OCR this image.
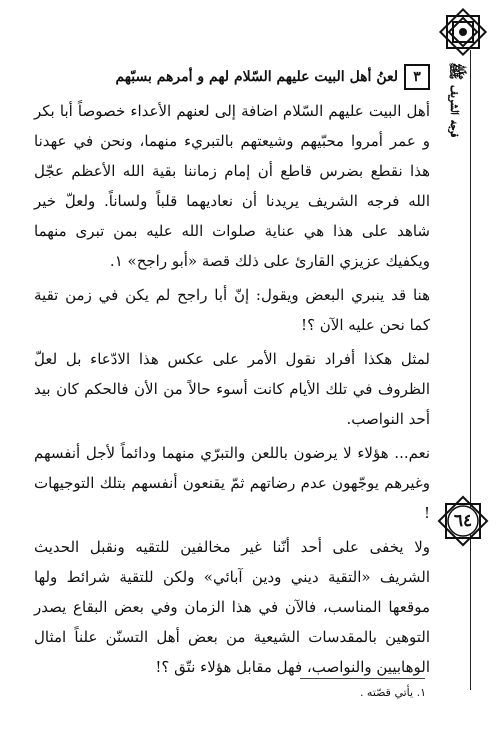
فرجه الشريف ﷺ
٦٤
٣
لعنُ أهل البيت عليهم السّلام لهم و أمرهم بسبّهم

أهل البيت عليهم السّلام اضافة إلى لعنهم الأعداء خصوصاً أبا بكر و عمر أمروا محبّيهم وشيعتهم بالتبريء منهما، ونحن في عهدنا هذا نقطع بضرس قاطع أن إمام زماننا بقية الله الأعظم عجّل الله فرجه الشريف يريدنا أن نعاديهما قلباً ولساناً. ولعلّ خير شاهد على هذا هي عناية صلوات الله عليه بمن تبرى منهما ويكفيك عزيزي القارئ على ذلك قصة «أبو راجح» ١.

هنا قد ينبري البعض ويقول: إنّ أبا راجح لم يكن في زمن تقية كما نحن عليه الآن ؟!

لمثل هكذا أفراد نقول الأمر على عكس هذا الادّعاء بل لعلّ الظروف في تلك الأيام كانت أسوء حالاً من الأن فالحكم كان بيد أحد النواصب.

نعم... هؤلاء لا يرضون باللعن والتبرّي منهما ودائماً لأجل أنفسهم وغيرهم يوجّهون عدم رضاتهم ثمّ يقنعون أنفسهم بتلك التوجيهات !

ولا يخفى على أحد أنّنا غير مخالفين للتقيه ونقبل الحديث الشريف «التقية ديني ودين آبائي» ولكن للتقية شرائط ولها موقعها المناسب، فالآن في هذا الزمان وفي بعض البقاع يصدر التوهين بالمقدسات الشيعية من بعض أهل التسنّن علناً امثال الوهابيين والنواصب، فهل مقابل هؤلاء نتّق ؟!

١. يأتي قصّته .
